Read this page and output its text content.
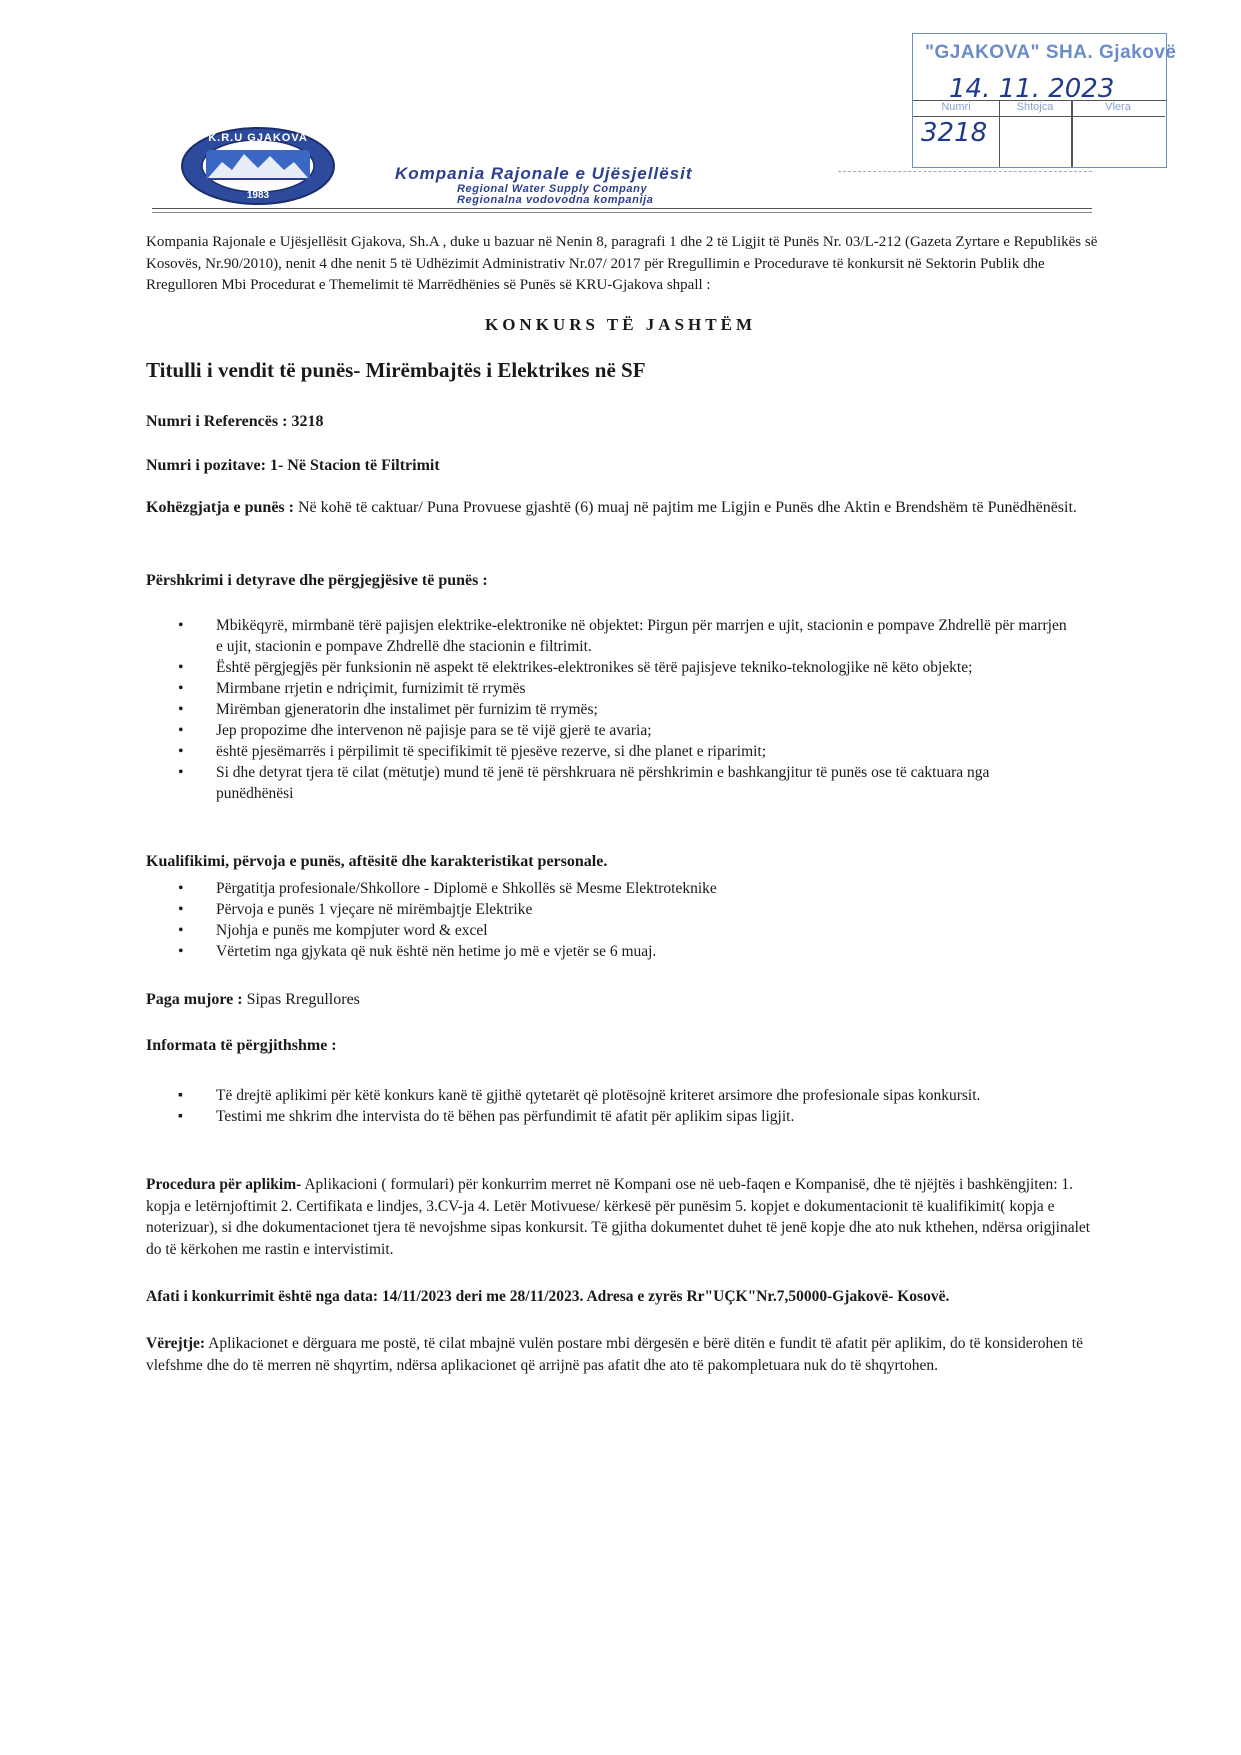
K.R.U GJAKOVA
1983
Kompania Rajonale e Ujësjellësit
Regional Water Supply Company
Regionalna vodovodna kompanija
"GJAKOVA" SHA. Gjakovë
14. 11. 2023
Numri	Shtojca	Vlera
3218
Kompania Rajonale e Ujësjellësit Gjakova, Sh.A , duke u bazuar në Nenin 8, paragrafi 1 dhe 2 të Ligjit të Punës Nr. 03/L-212 (Gazeta Zyrtare e Republikës së Kosovës, Nr.90/2010), nenit 4 dhe nenit 5 të Udhëzimit Administrativ Nr.07/ 2017 për Rregullimin e Procedurave të konkursit në Sektorin Publik dhe Rregulloren Mbi Procedurat e Themelimit të Marrëdhënies së Punës së KRU-Gjakova shpall :
KONKURS TË JASHTËM
Titulli i vendit të punës- Mirëmbajtës i Elektrikes në SF
Numri i Referencës : 3218
Numri i pozitave: 1- Në Stacion të Filtrimit
Kohëzgjatja e punës : Në kohë të caktuar/ Puna Provuese gjashtë (6) muaj në pajtim me Ligjin e Punës dhe Aktin e Brendshëm të Punëdhënësit.
Përshkrimi i detyrave dhe përgjegjësive të punës :
• Mbikëqyrë, mirmbanë tërë pajisjen elektrike-elektronike në objektet: Pirgun për marrjen e ujit, stacionin e pompave Zhdrellë për marrjen e ujit, stacionin e pompave Zhdrellë dhe stacionin e filtrimit.
• Është përgjegjës për funksionin në aspekt të elektrikes-elektronikes së tërë pajisjeve tekniko-teknologjike në këto objekte;
• Mirmbane rrjetin e ndriçimit, furnizimit të rrymës
• Mirëmban gjeneratorin dhe instalimet për furnizim të rrymës;
• Jep propozime dhe intervenon në pajisje para se të vijë gjerë te avaria;
• është pjesëmarrës i përpilimit të specifikimit të pjesëve rezerve, si dhe planet e riparimit;
• Si dhe detyrat tjera të cilat (mëtutje) mund të jenë të përshkruara në përshkrimin e bashkangjitur të punës ose të caktuara nga punëdhënësi
Kualifikimi, përvoja e punës, aftësitë dhe karakteristikat personale.
• Përgatitja profesionale/Shkollore - Diplomë e Shkollës së Mesme Elektroteknike
• Përvoja e punës 1 vjeçare në mirëmbajtje Elektrike
• Njohja e punës me kompjuter word & excel
• Vërtetim nga gjykata që nuk është nën hetime jo më e vjetër se 6 muaj.
Paga mujore : Sipas Rregullores
Informata të përgjithshme :
▪ Të drejtë aplikimi për këtë konkurs kanë të gjithë qytetarët që plotësojnë kriteret arsimore dhe profesionale sipas konkursit.
▪ Testimi me shkrim dhe intervista do të bëhen pas përfundimit të afatit për aplikim sipas ligjit.
Procedura për aplikim- Aplikacioni ( formulari) për konkurrim merret në Kompani ose në ueb-faqen e Kompanisë, dhe të njëjtës i bashkëngjiten: 1. kopja e letërnjoftimit 2. Certifikata e lindjes, 3.CV-ja 4. Letër Motivuese/ kërkesë për punësim 5. kopjet e dokumentacionit të kualifikimit( kopja e noterizuar), si dhe dokumentacionet tjera të nevojshme sipas konkursit. Të gjitha dokumentet duhet të jenë kopje dhe ato nuk kthehen, ndërsa origjinalet do të kërkohen me rastin e intervistimit.
Afati i konkurrimit është nga data: 14/11/2023 deri me 28/11/2023. Adresa e zyrës Rr"UÇK"Nr.7,50000-Gjakovë- Kosovë.
Vërejtje: Aplikacionet e dërguara me postë, të cilat mbajnë vulën postare mbi dërgesën e bërë ditën e fundit të afatit për aplikim, do të konsiderohen të vlefshme dhe do të merren në shqyrtim, ndërsa aplikacionet që arrijnë pas afatit dhe ato të pakompletuara nuk do të shqyrtohen.
